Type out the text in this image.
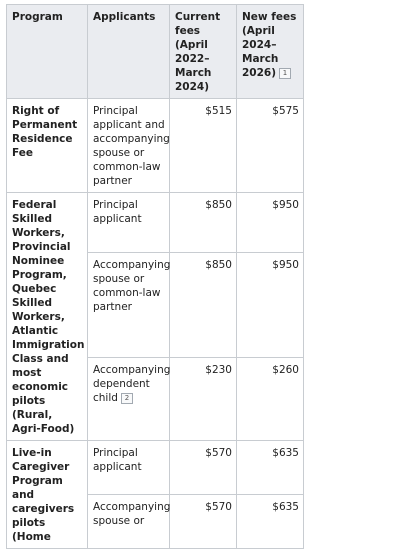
Program	Applicants	Current fees (April 2022–March 2024)	New fees (April 2024–March 2026) 1
Right of Permanent Residence Fee	Principal applicant and accompanying spouse or common-law partner	$515	$575
Federal Skilled Workers, Provincial Nominee Program, Quebec Skilled Workers, Atlantic Immigration Class and most economic pilots (Rural, Agri-Food)	Principal applicant	$850	$950
	Accompanying spouse or common-law partner	$850	$950
	Accompanying dependent child 2	$230	$260
Live-in Caregiver Program and caregivers pilots (Home	Principal applicant	$570	$635
	Accompanying spouse or	$570	$635
